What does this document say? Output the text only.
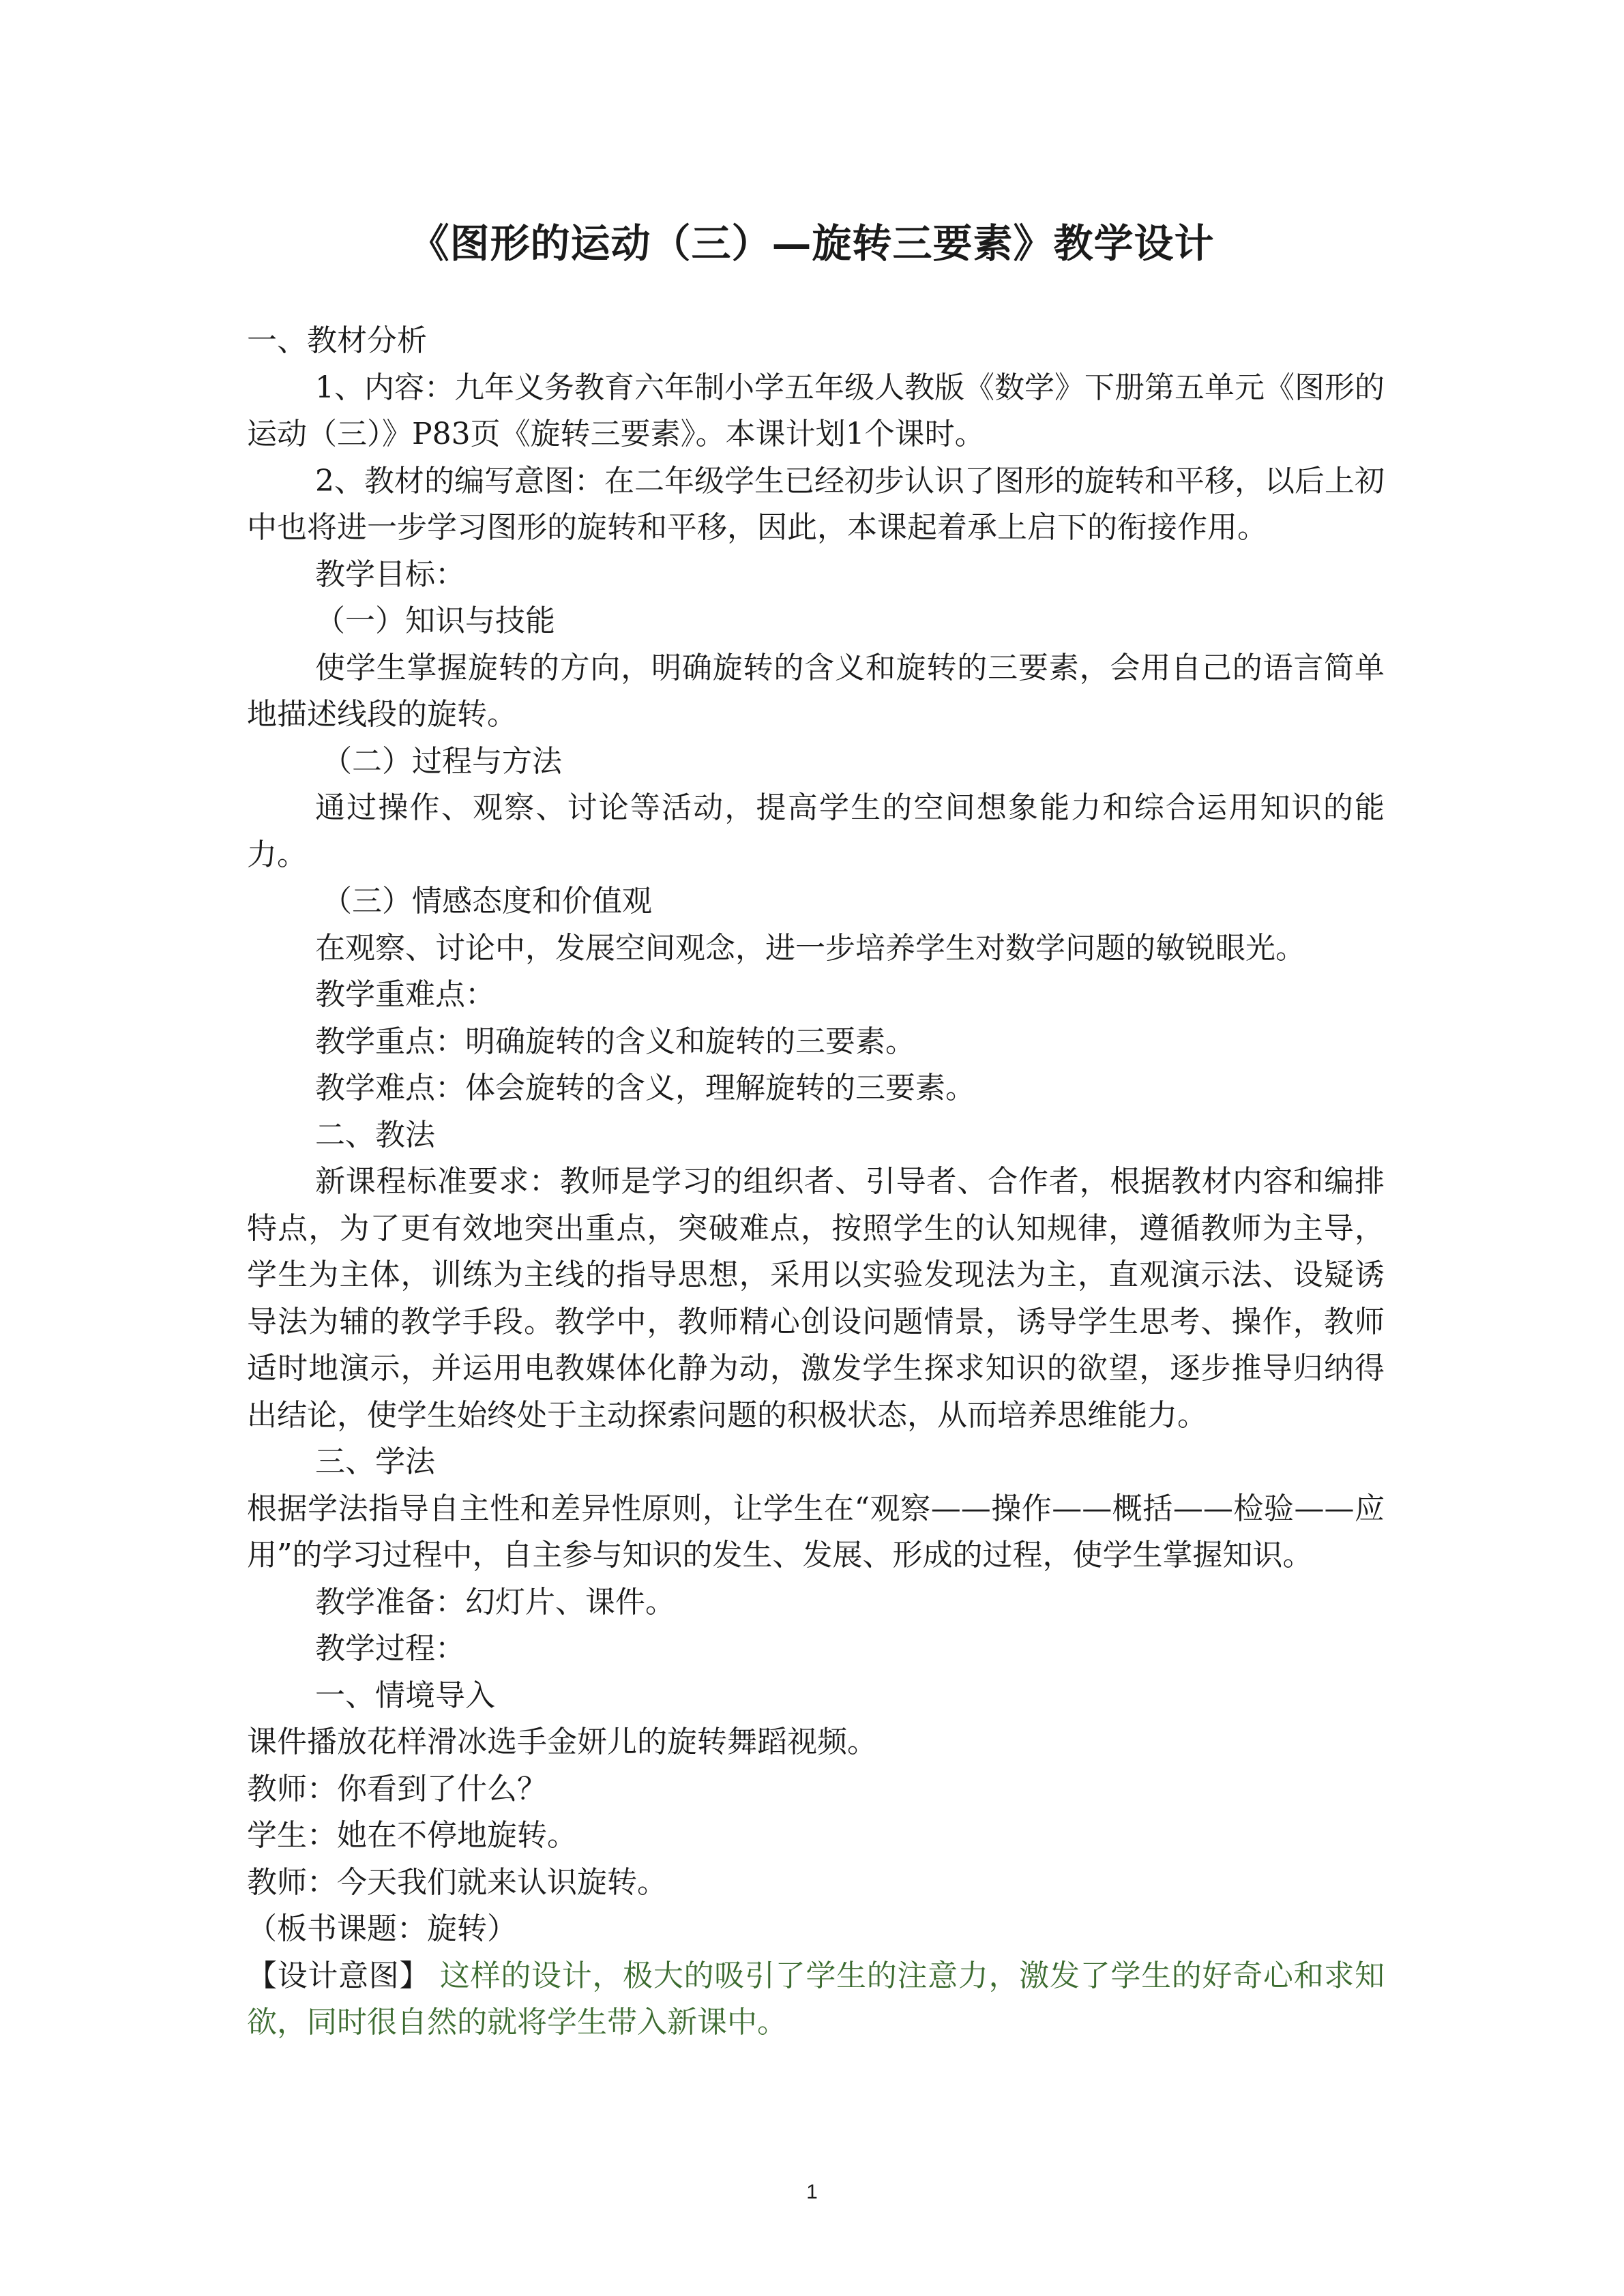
《图形的运动（三）—旋转三要素》教学设计

一、教材分析

1、内容：九年义务教育六年制小学五年级人教版《数学》下册第五单元《图形的运动（三）》P83页《旋转三要素》。本课计划1个课时。

2、教材的编写意图：在二年级学生已经初步认识了图形的旋转和平移，以后上初中也将进一步学习图形的旋转和平移，因此，本课起着承上启下的衔接作用。

教学目标：

（一）知识与技能

使学生掌握旋转的方向，明确旋转的含义和旋转的三要素，会用自己的语言简单地描述线段的旋转。

（二）过程与方法

通过操作、观察、讨论等活动，提高学生的空间想象能力和综合运用知识的能力。

（三）情感态度和价值观

在观察、讨论中，发展空间观念，进一步培养学生对数学问题的敏锐眼光。

教学重难点：

教学重点：明确旋转的含义和旋转的三要素。

教学难点：体会旋转的含义，理解旋转的三要素。

二、教法

新课程标准要求：教师是学习的组织者、引导者、合作者，根据教材内容和编排特点，为了更有效地突出重点，突破难点，按照学生的认知规律，遵循教师为主导，学生为主体，训练为主线的指导思想，采用以实验发现法为主，直观演示法、设疑诱导法为辅的教学手段。教学中，教师精心创设问题情景，诱导学生思考、操作，教师适时地演示，并运用电教媒体化静为动，激发学生探求知识的欲望，逐步推导归纳得出结论，使学生始终处于主动探索问题的积极状态，从而培养思维能力。

三、学法

根据学法指导自主性和差异性原则，让学生在“观察——操作——概括——检验——应用”的学习过程中，自主参与知识的发生、发展、形成的过程，使学生掌握知识。

教学准备：幻灯片、课件。

教学过程：

一、情境导入

课件播放花样滑冰选手金妍儿的旋转舞蹈视频。

教师：你看到了什么？

学生：她在不停地旋转。

教师：今天我们就来认识旋转。

（板书课题：旋转）

【设计意图】 这样的设计，极大的吸引了学生的注意力，激发了学生的好奇心和求知欲，同时很自然的就将学生带入新课中。

1
